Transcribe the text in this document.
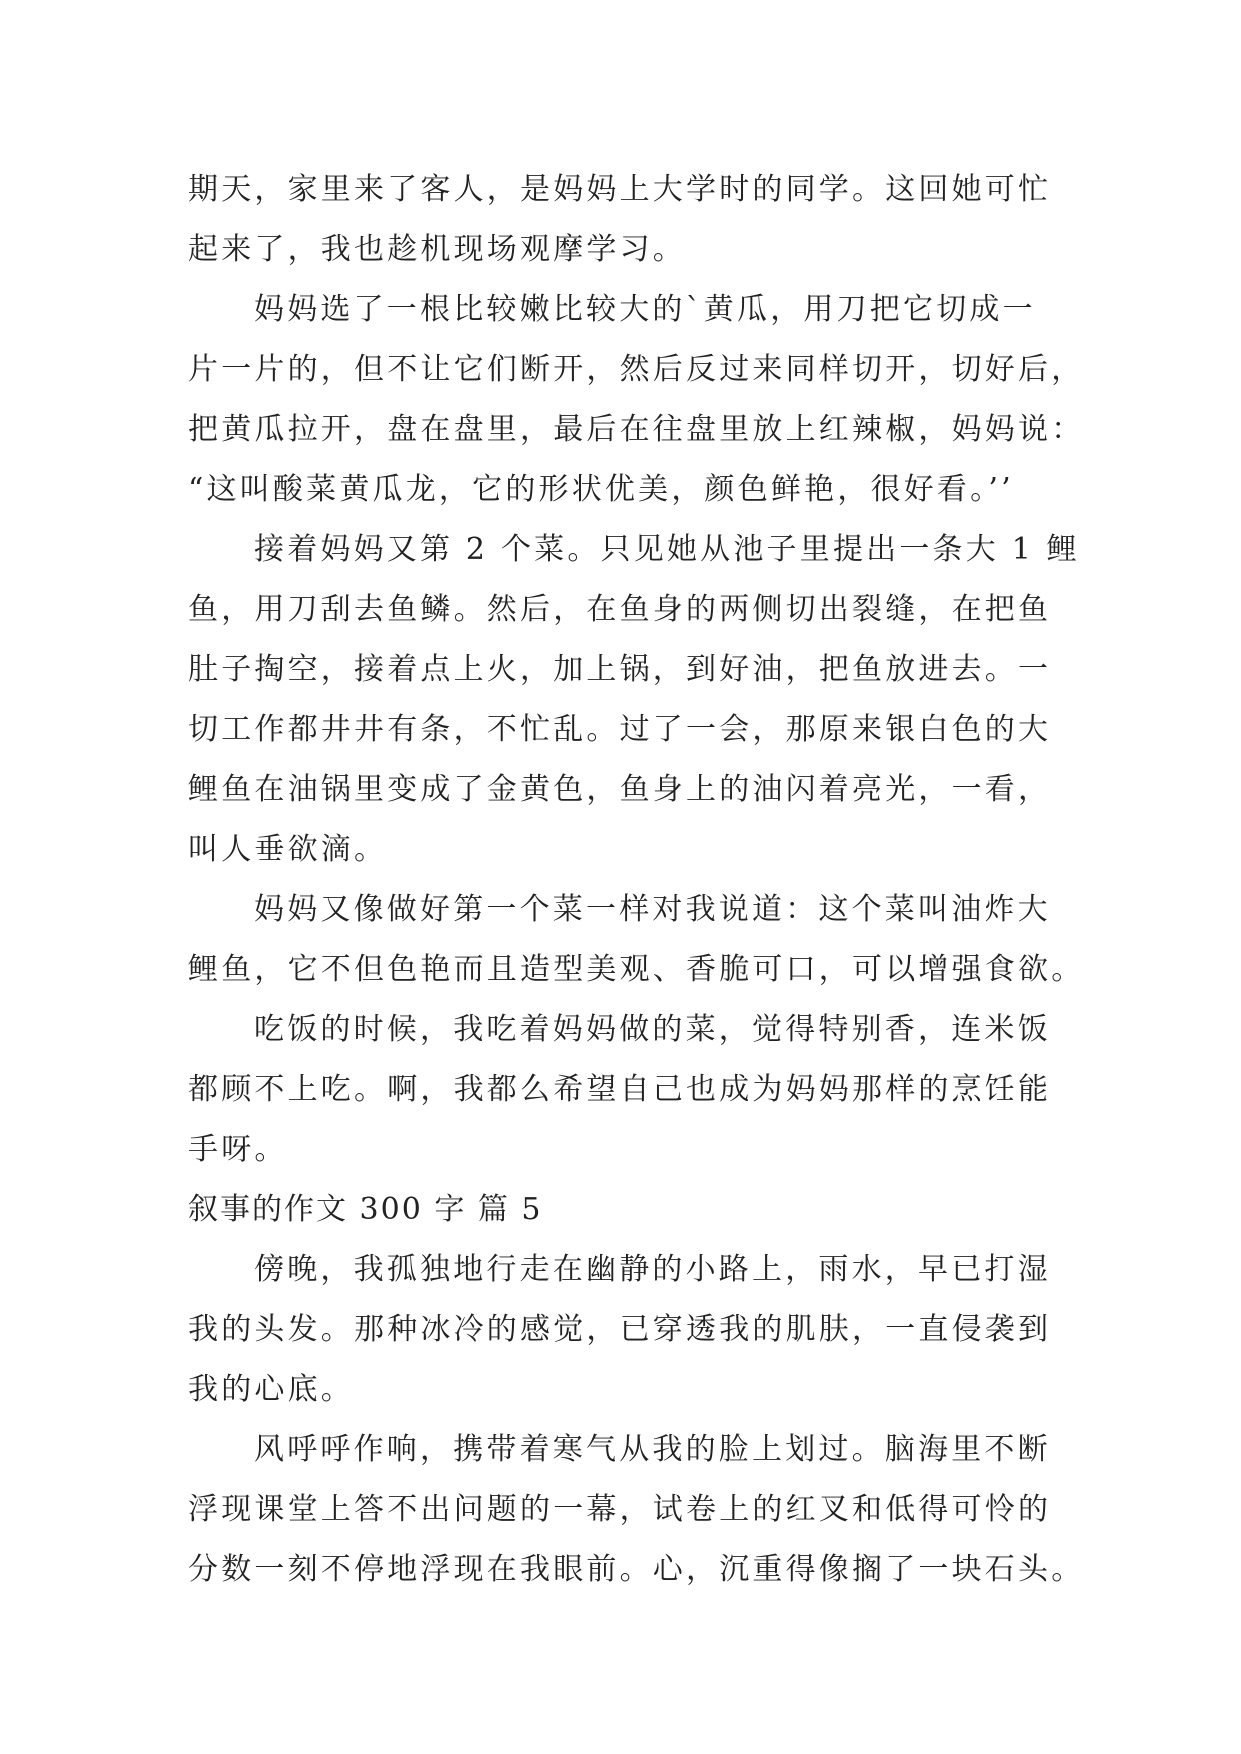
期天，家里来了客人，是妈妈上大学时的同学。这回她可忙
起来了，我也趁机现场观摩学习。
妈妈选了一根比较嫩比较大的`黄瓜，用刀把它切成一
片一片的，但不让它们断开，然后反过来同样切开，切好后，
把黄瓜拉开，盘在盘里，最后在往盘里放上红辣椒，妈妈说：
“这叫酸菜黄瓜龙，它的形状优美，颜色鲜艳，很好看。’’
接着妈妈又第 2 个菜。只见她从池子里提出一条大 1 鲤
鱼，用刀刮去鱼鳞。然后，在鱼身的两侧切出裂缝，在把鱼
肚子掏空，接着点上火，加上锅，到好油，把鱼放进去。一
切工作都井井有条，不忙乱。过了一会，那原来银白色的大
鲤鱼在油锅里变成了金黄色，鱼身上的油闪着亮光，一看，
叫人垂欲滴。
妈妈又像做好第一个菜一样对我说道：这个菜叫油炸大
鲤鱼，它不但色艳而且造型美观、香脆可口，可以增强食欲。
吃饭的时候，我吃着妈妈做的菜，觉得特别香，连米饭
都顾不上吃。啊，我都么希望自己也成为妈妈那样的烹饪能
手呀。
叙事的作文 300 字 篇 5
傍晚，我孤独地行走在幽静的小路上，雨水，早已打湿
我的头发。那种冰冷的感觉，已穿透我的肌肤，一直侵袭到
我的心底。
风呼呼作响，携带着寒气从我的脸上划过。脑海里不断
浮现课堂上答不出问题的一幕，试卷上的红叉和低得可怜的
分数一刻不停地浮现在我眼前。心，沉重得像搁了一块石头。
